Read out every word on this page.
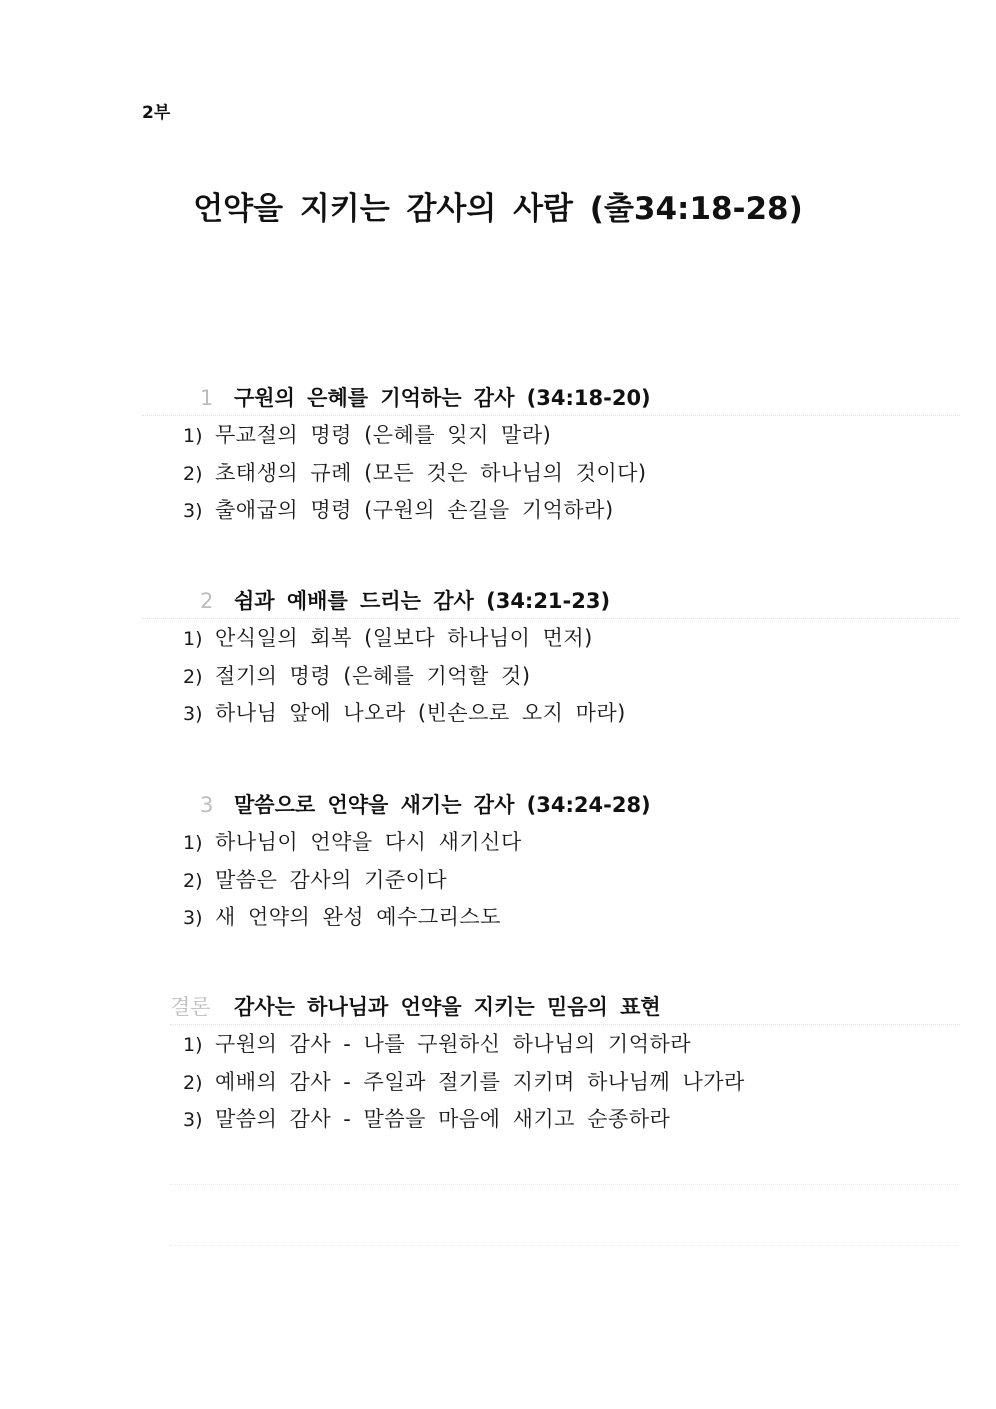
2부
언약을 지키는 감사의 사람 (출34:18-28)
1 구원의 은혜를 기억하는 감사 (34:18-20)
1) 무교절의 명령 (은혜를 잊지 말라)
2) 초태생의 규례 (모든 것은 하나님의 것이다)
3) 출애굽의 명령 (구원의 손길을 기억하라)
2 쉼과 예배를 드리는 감사 (34:21-23)
1) 안식일의 회복 (일보다 하나님이 먼저)
2) 절기의 명령 (은혜를 기억할 것)
3) 하나님 앞에 나오라 (빈손으로 오지 마라)
3 말씀으로 언약을 새기는 감사 (34:24-28)
1) 하나님이 언약을 다시 새기신다
2) 말씀은 감사의 기준이다
3) 새 언약의 완성 예수그리스도
결론 감사는 하나님과 언약을 지키는 믿음의 표현
1) 구원의 감사 - 나를 구원하신 하나님의 기억하라
2) 예배의 감사 - 주일과 절기를 지키며 하나님께 나가라
3) 말씀의 감사 - 말씀을 마음에 새기고 순종하라
